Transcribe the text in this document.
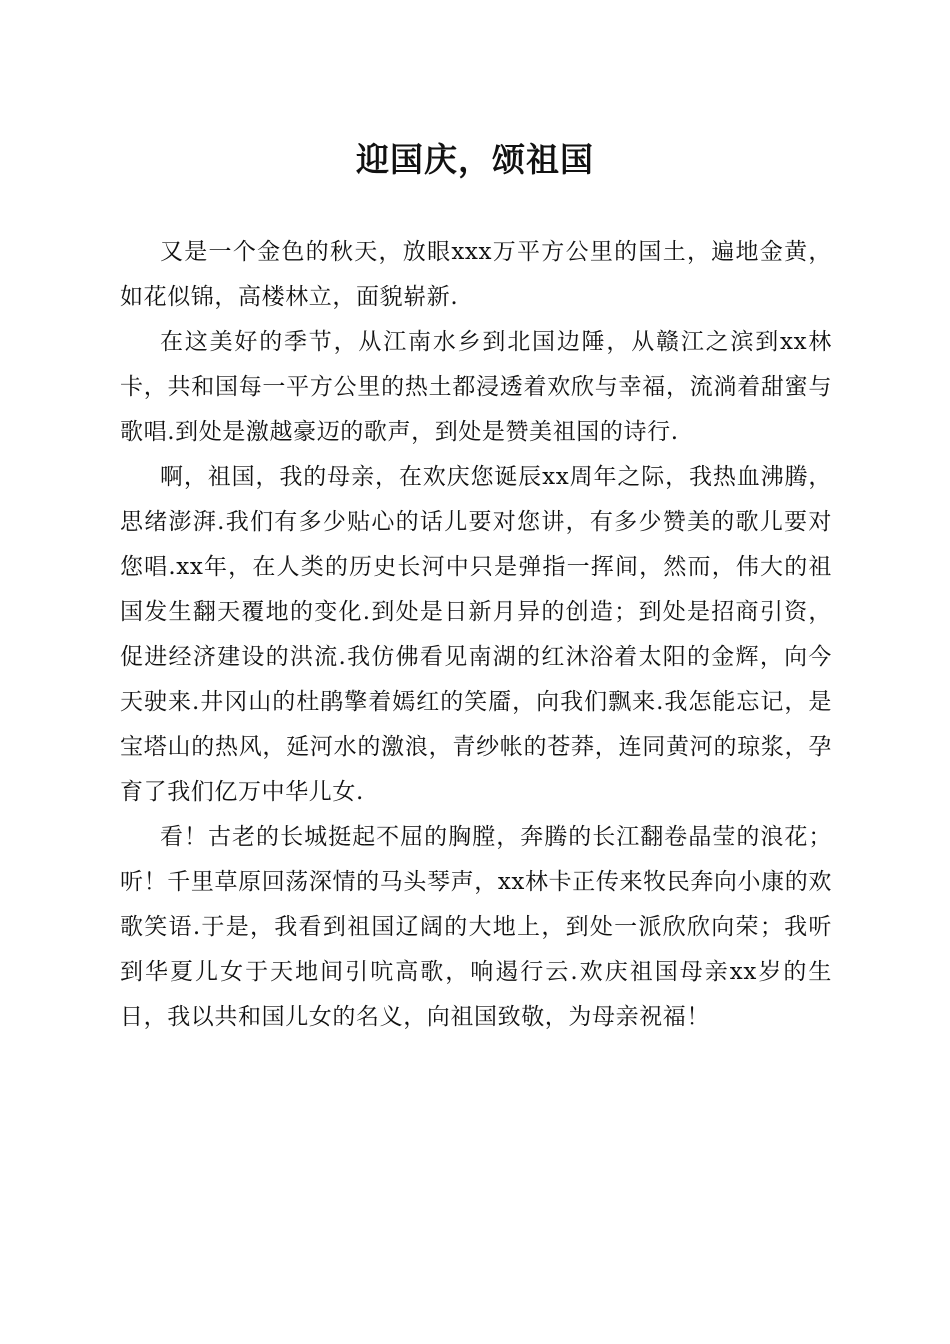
迎国庆，颂祖国

又是一个金色的秋天，放眼xxx万平方公里的国土，遍地金黄，如花似锦，高楼林立，面貌崭新.

在这美好的季节，从江南水乡到北国边陲，从赣江之滨到xx林卡，共和国每一平方公里的热土都浸透着欢欣与幸福，流淌着甜蜜与歌唱.到处是激越豪迈的歌声，到处是赞美祖国的诗行.

啊，祖国，我的母亲，在欢庆您诞辰xx周年之际，我热血沸腾，思绪澎湃.我们有多少贴心的话儿要对您讲，有多少赞美的歌儿要对您唱.xx年，在人类的历史长河中只是弹指一挥间，然而，伟大的祖国发生翻天覆地的变化.到处是日新月异的创造；到处是招商引资，促进经济建设的洪流.我仿佛看见南湖的红沐浴着太阳的金辉，向今天驶来.井冈山的杜鹃擎着嫣红的笑靥，向我们飘来.我怎能忘记，是宝塔山的热风，延河水的激浪，青纱帐的苍莽，连同黄河的琼浆，孕育了我们亿万中华儿女.

看！古老的长城挺起不屈的胸膛，奔腾的长江翻卷晶莹的浪花；听！千里草原回荡深情的马头琴声，xx林卡正传来牧民奔向小康的欢歌笑语.于是，我看到祖国辽阔的大地上，到处一派欣欣向荣；我听到华夏儿女于天地间引吭高歌，响遏行云.欢庆祖国母亲xx岁的生日，我以共和国儿女的名义，向祖国致敬，为母亲祝福！
